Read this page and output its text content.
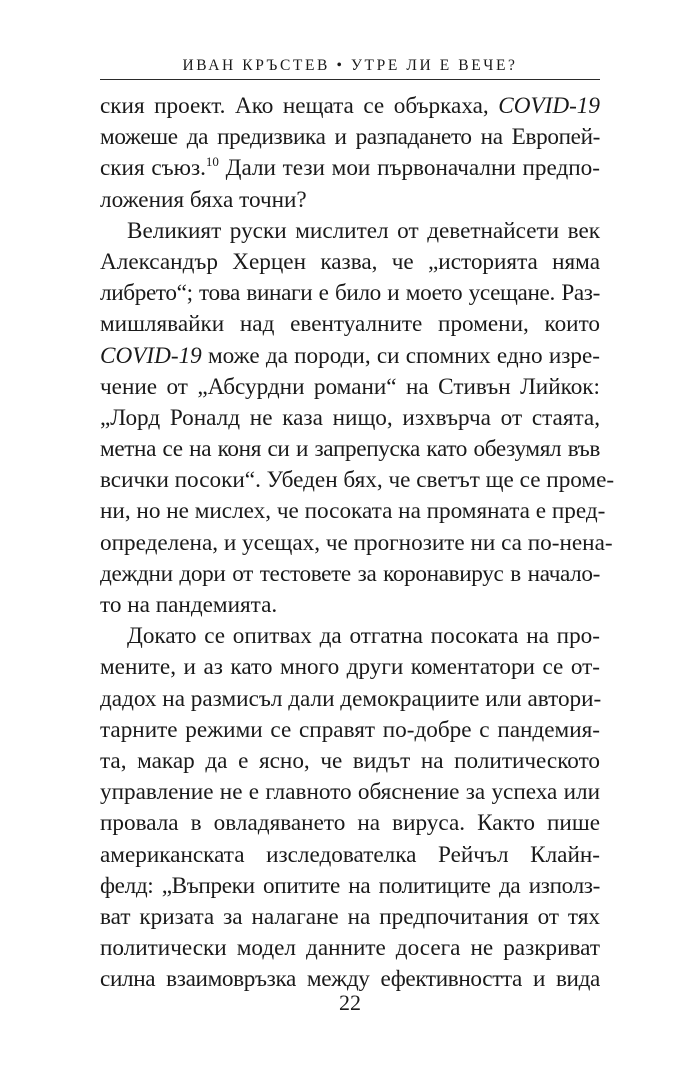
ИВАН КРЪСТЕВ • УТРЕ ЛИ Е ВЕЧЕ?
ския проект. Ако нещата се объркаха, COVID-19
можеше да предизвика и разпадането на Европей-
ския съюз.$^{10}$ Дали тези мои първоначални предпо-
ложения бяха точни?
Великият руски мислител от деветнайсети век
Александър Херцен казва, че „историята няма
либрето“; това винаги е било и моето усещане. Раз-
мишлявайки над евентуалните промени, които
COVID-19 може да породи, си спомних едно изре-
чение от „Абсурдни романи“ на Стивън Лийкок:
„Лорд Роналд не каза нищо, изхвърча от стаята,
метна се на коня си и запрепуска като обезумял във
всички посоки“. Убеден бях, че светът ще се проме-
ни, но не мислех, че посоката на промяната е пред-
определена, и усещах, че прогнозите ни са по-нена-
деждни дори от тестовете за коронавирус в начало-
то на пандемията.
Докато се опитвах да отгатна посоката на про-
мените, и аз като много други коментатори се от-
дадох на размисъл дали демокрациите или автори-
тарните режими се справят по-добре с пандемия-
та, макар да е ясно, че видът на политическото
управление не е главното обяснение за успеха или
провала в овладяването на вируса. Както пише
американската изследователка Рейчъл Клайн-
фелд: „Въпреки опитите на политиците да използ-
ват кризата за налагане на предпочитания от тях
политически модел данните досега не разкриват
силна взаимовръзка между ефективността и вида
22
